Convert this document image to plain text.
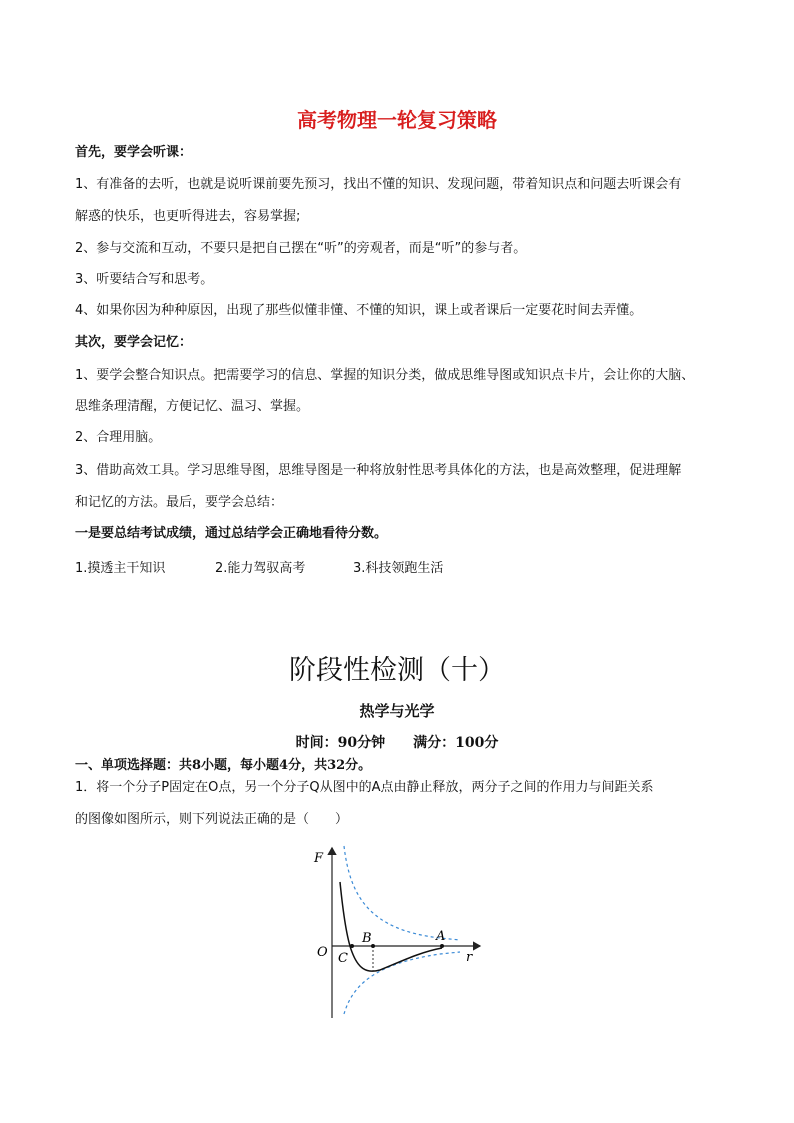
高考物理一轮复习策略
首先，要学会听课：
1、有准备的去听，也就是说听课前要先预习，找出不懂的知识、发现问题，带着知识点和问题去听课会有
解惑的快乐，也更听得进去，容易掌握;
2、参与交流和互动，不要只是把自己摆在“听”的旁观者，而是“听”的参与者。
3、听要结合写和思考。
4、如果你因为种种原因，出现了那些似懂非懂、不懂的知识，课上或者课后一定要花时间去弄懂。
其次，要学会记忆：
1、要学会整合知识点。把需要学习的信息、掌握的知识分类，做成思维导图或知识点卡片，会让你的大脑、
思维条理清醒，方便记忆、温习、掌握。
2、合理用脑。
3、借助高效工具。学习思维导图，思维导图是一种将放射性思考具体化的方法，也是高效整理，促进理解
和记忆的方法。最后，要学会总结：
一是要总结考试成绩，通过总结学会正确地看待分数。
1.摸透主干知识	2.能力驾驭高考	3.科技领跑生活
阶段性检测（十）
热学与光学
时间：90分钟　　满分：100分
一、单项选择题：共8小题，每小题4分，共32分。
1．将一个分子P固定在O点，另一个分子Q从图中的A点由静止释放，两分子之间的作用力与间距关系
的图像如图所示，则下列说法正确的是（　　）
F
O C
B	A
r
